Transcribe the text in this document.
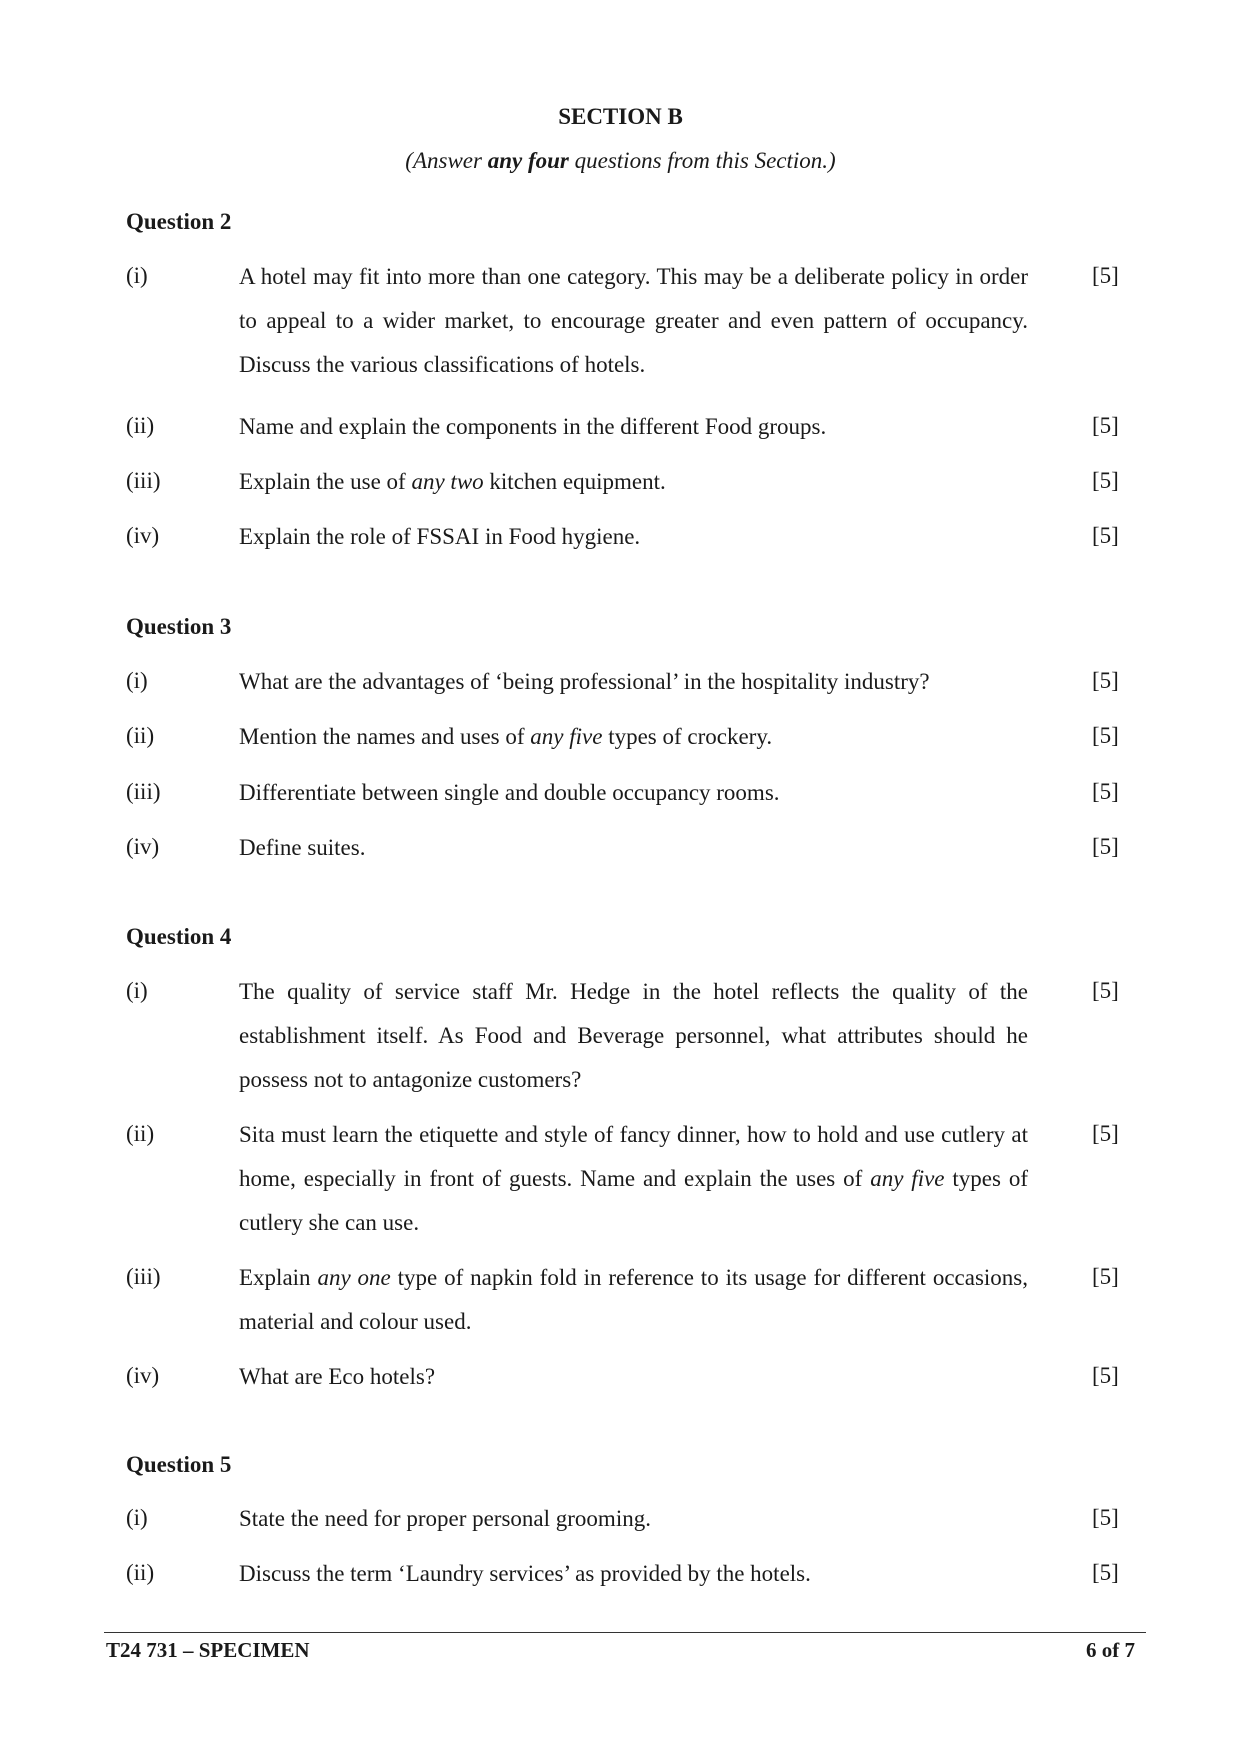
SECTION B
(Answer any four questions from this Section.)
Question 2
(i)	A hotel may fit into more than one category. This may be a deliberate policy in order to appeal to a wider market, to encourage greater and even pattern of occupancy. Discuss the various classifications of hotels.
[5]
(ii)	Name and explain the components in the different Food groups.	[5]
(iii)	Explain the use of any two kitchen equipment.	[5]
(iv)	Explain the role of FSSAI in Food hygiene.	[5]
Question 3
(i)	What are the advantages of ‘being professional’ in the hospitality industry?	[5]
(ii)	Mention the names and uses of any five types of crockery.	[5]
(iii)	Differentiate between single and double occupancy rooms.	[5]
(iv)	Define suites.	[5]
Question 4
(i)	The quality of service staff Mr. Hedge in the hotel reflects the quality of the establishment itself. As Food and Beverage personnel, what attributes should he possess not to antagonize customers?
[5]
(ii)	Sita must learn the etiquette and style of fancy dinner, how to hold and use cutlery at home, especially in front of guests. Name and explain the uses of any five types of cutlery she can use.
[5]
(iii)	Explain any one type of napkin fold in reference to its usage for different occasions, material and colour used.
[5]
(iv)	What are Eco hotels?	[5]
Question 5
(i)	State the need for proper personal grooming.	[5]
(ii)	Discuss the term ‘Laundry services’ as provided by the hotels.	[5]
T24 731 – SPECIMEN	6 of 7
